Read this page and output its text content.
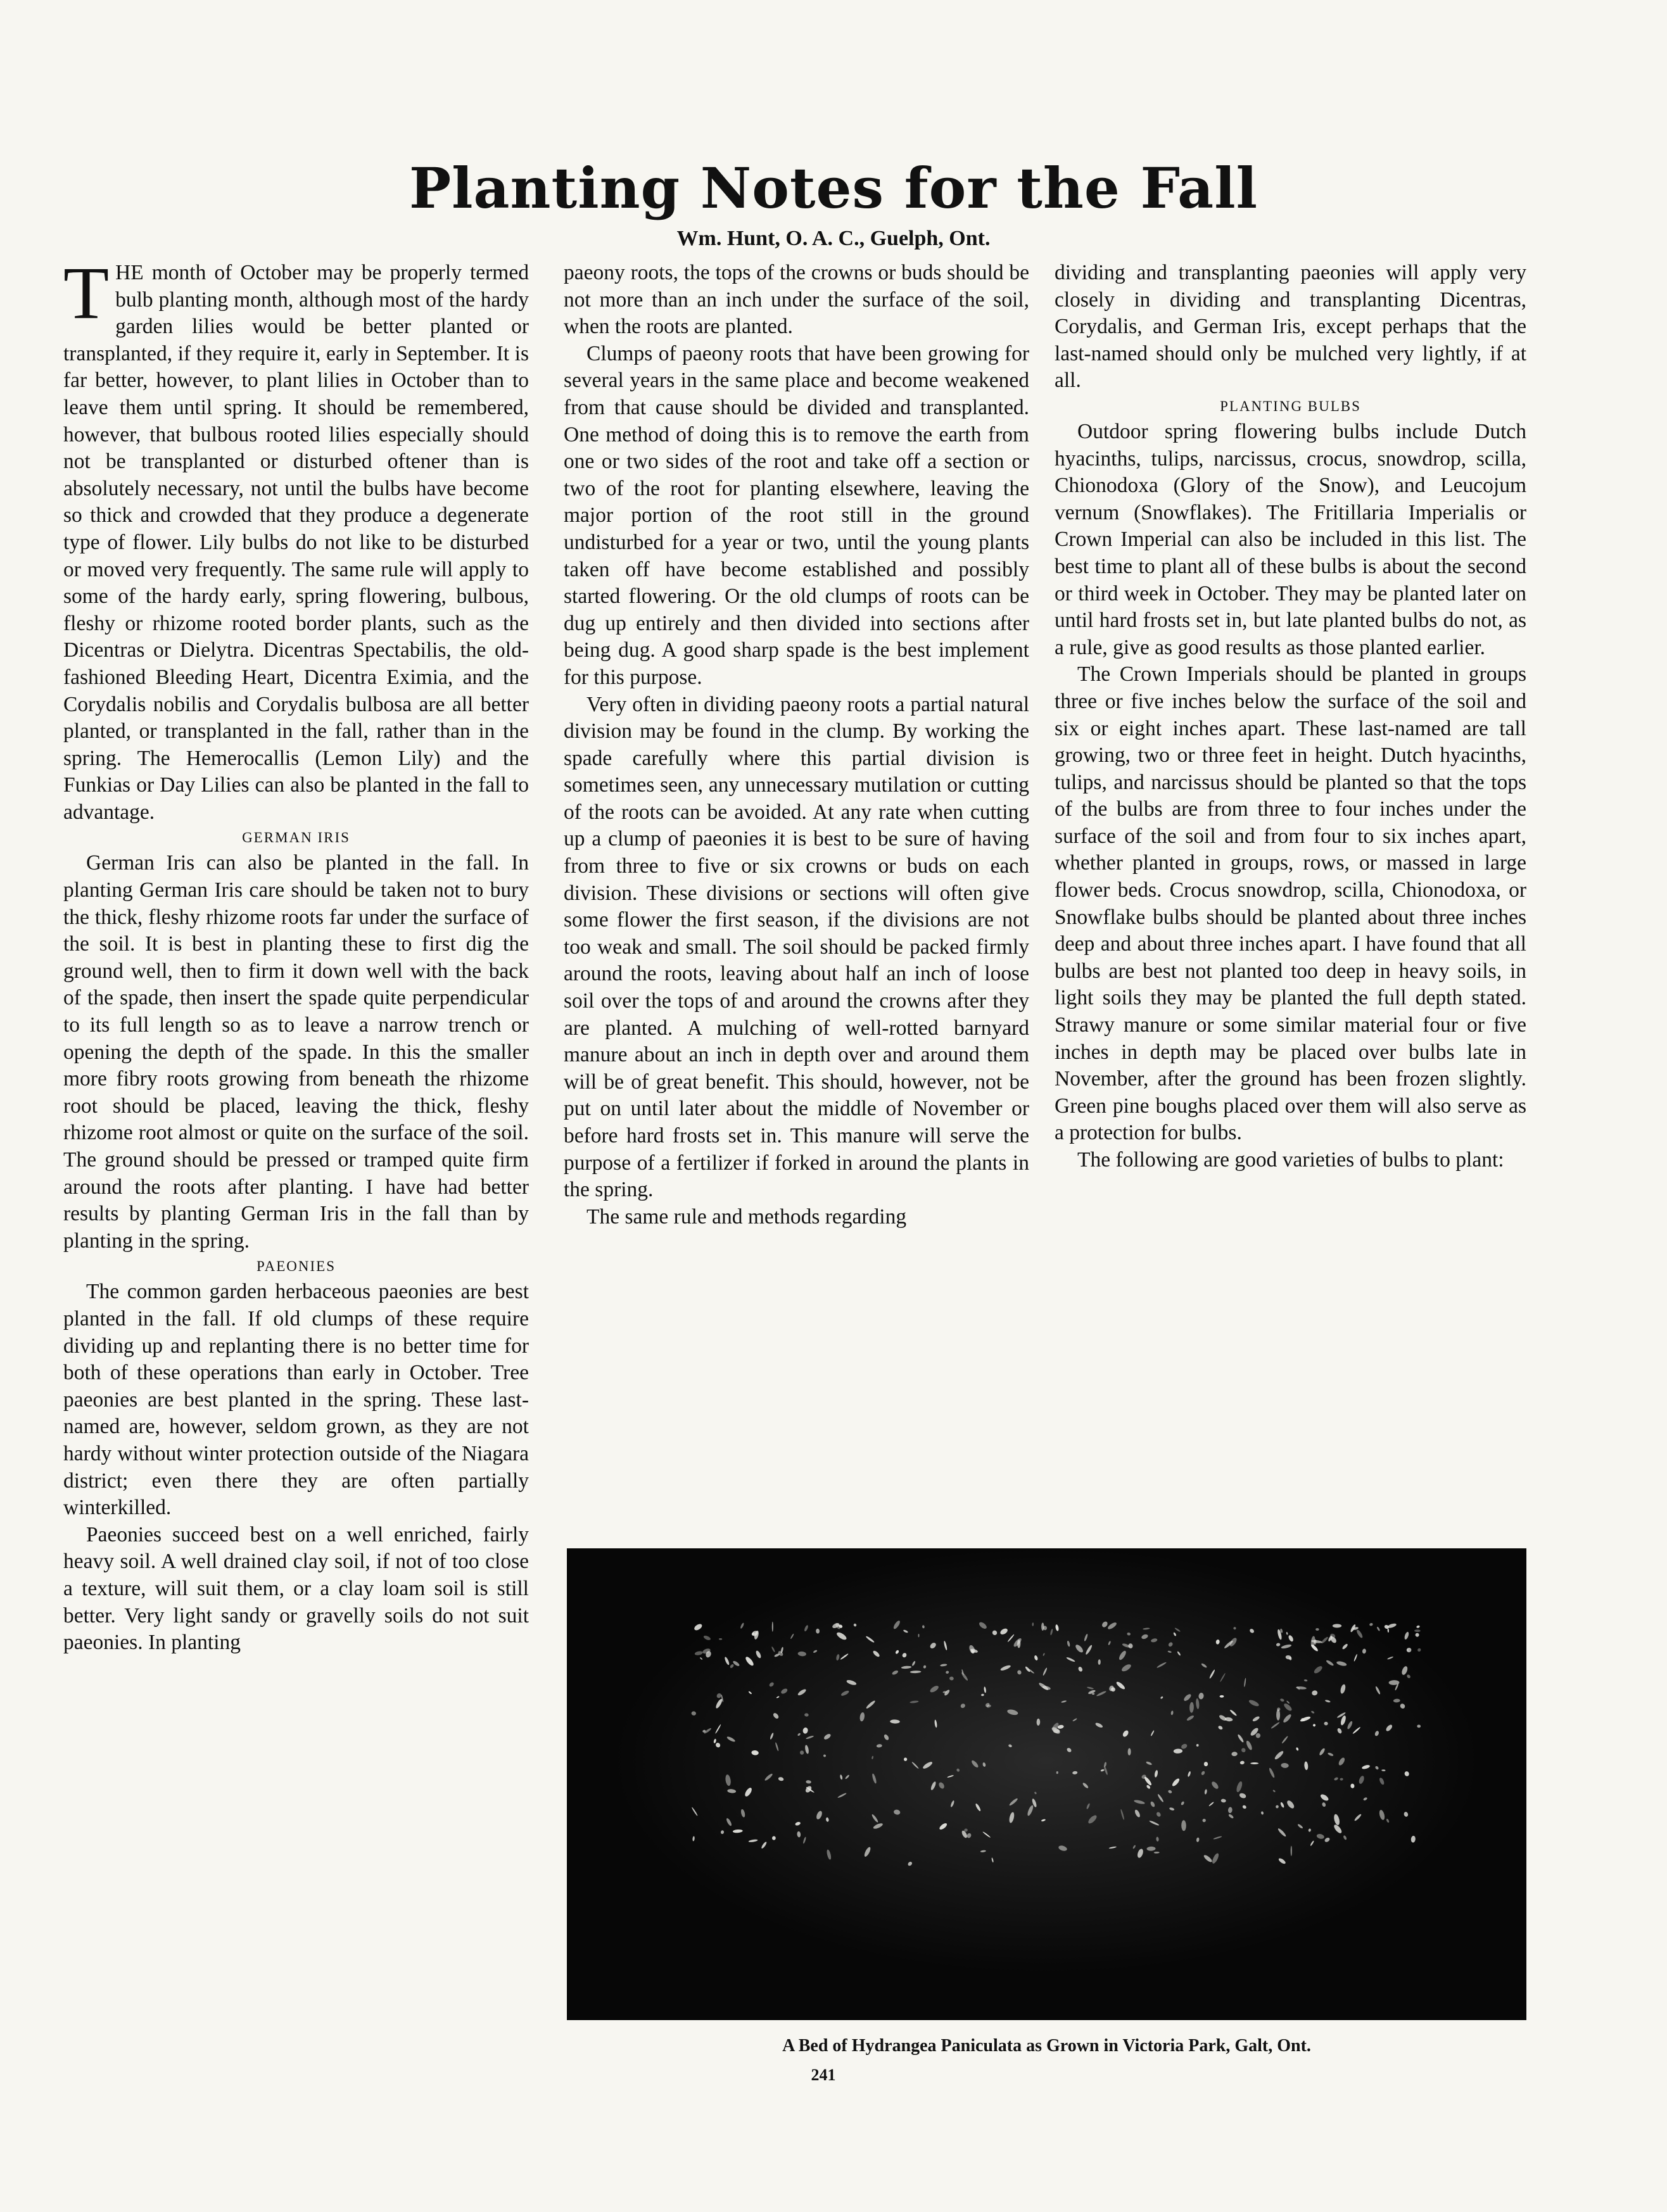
Planting Notes for the Fall
Wm. Hunt, O. A. C., Guelph, Ont.

THE month of October may be properly termed bulb planting month, although most of the hardy garden lilies would be better planted or transplanted, if they require it, early in September. It is far better, however, to plant lilies in October than to leave them until spring. It should be remembered, however, that bulbous rooted lilies especially should not be transplanted or disturbed oftener than is absolutely necessary, not until the bulbs have become so thick and crowded that they produce a degenerate type of flower. Lily bulbs do not like to be disturbed or moved very frequently. The same rule will apply to some of the hardy early, spring flowering, bulbous, fleshy or rhizome rooted border plants, such as the Dicentras or Dielytra. Dicentras Spectabilis, the old-fashioned Bleeding Heart, Dicentra Eximia, and the Corydalis nobilis and Corydalis bulbosa are all better planted, or transplanted in the fall, rather than in the spring. The Hemerocallis (Lemon Lily) and the Funkias or Day Lilies can also be planted in the fall to advantage.

GERMAN IRIS

German Iris can also be planted in the fall. In planting German Iris care should be taken not to bury the thick, fleshy rhizome roots far under the surface of the soil. It is best in planting these to first dig the ground well, then to firm it down well with the back of the spade, then insert the spade quite perpendicular to its full length so as to leave a narrow trench or opening the depth of the spade. In this the smaller more fibry roots growing from beneath the rhizome root should be placed, leaving the thick, fleshy rhizome root almost or quite on the surface of the soil. The ground should be pressed or tramped quite firm around the roots after planting. I have had better results by planting German Iris in the fall than by planting in the spring.

PAEONIES

The common garden herbaceous paeonies are best planted in the fall. If old clumps of these require dividing up and replanting there is no better time for both of these operations than early in October. Tree paeonies are best planted in the spring. These last-named are, however, seldom grown, as they are not hardy without winter protection outside of the Niagara district; even there they are often partially winterkilled.

Paeonies succeed best on a well enriched, fairly heavy soil. A well drained clay soil, if not of too close a texture, will suit them, or a clay loam soil is still better. Very light sandy or gravelly soils do not suit paeonies. In planting

paeony roots, the tops of the crowns or buds should be not more than an inch under the surface of the soil, when the roots are planted.

Clumps of paeony roots that have been growing for several years in the same place and become weakened from that cause should be divided and transplanted. One method of doing this is to remove the earth from one or two sides of the root and take off a section or two of the root for planting elsewhere, leaving the major portion of the root still in the ground undisturbed for a year or two, until the young plants taken off have become established and possibly started flowering. Or the old clumps of roots can be dug up entirely and then divided into sections after being dug. A good sharp spade is the best implement for this purpose.

Very often in dividing paeony roots a partial natural division may be found in the clump. By working the spade carefully where this partial division is sometimes seen, any unnecessary mutilation or cutting of the roots can be avoided. At any rate when cutting up a clump of paeonies it is best to be sure of having from three to five or six crowns or buds on each division. These divisions or sections will often give some flower the first season, if the divisions are not too weak and small. The soil should be packed firmly around the roots, leaving about half an inch of loose soil over the tops of and around the crowns after they are planted. A mulching of well-rotted barnyard manure about an inch in depth over and around them will be of great benefit. This should, however, not be put on until later about the middle of November or before hard frosts set in. This manure will serve the purpose of a fertilizer if forked in around the plants in the spring.

The same rule and methods regarding

dividing and transplanting paeonies will apply very closely in dividing and transplanting Dicentras, Corydalis, and German Iris, except perhaps that the last-named should only be mulched very lightly, if at all.

PLANTING BULBS

Outdoor spring flowering bulbs include Dutch hyacinths, tulips, narcissus, crocus, snowdrop, scilla, Chionodoxa (Glory of the Snow), and Leucojum vernum (Snowflakes). The Fritillaria Imperialis or Crown Imperial can also be included in this list. The best time to plant all of these bulbs is about the second or third week in October. They may be planted later on until hard frosts set in, but late planted bulbs do not, as a rule, give as good results as those planted earlier.

The Crown Imperials should be planted in groups three or five inches below the surface of the soil and six or eight inches apart. These last-named are tall growing, two or three feet in height. Dutch hyacinths, tulips, and narcissus should be planted so that the tops of the bulbs are from three to four inches under the surface of the soil and from four to six inches apart, whether planted in groups, rows, or massed in large flower beds. Crocus snowdrop, scilla, Chionodoxa, or Snowflake bulbs should be planted about three inches deep and about three inches apart. I have found that all bulbs are best not planted too deep in heavy soils, in light soils they may be planted the full depth stated. Strawy manure or some similar material four or five inches in depth may be placed over bulbs late in November, after the ground has been frozen slightly. Green pine boughs placed over them will also serve as a protection for bulbs.

The following are good varieties of bulbs to plant:

A Bed of Hydrangea Paniculata as Grown in Victoria Park, Galt, Ont.
241
